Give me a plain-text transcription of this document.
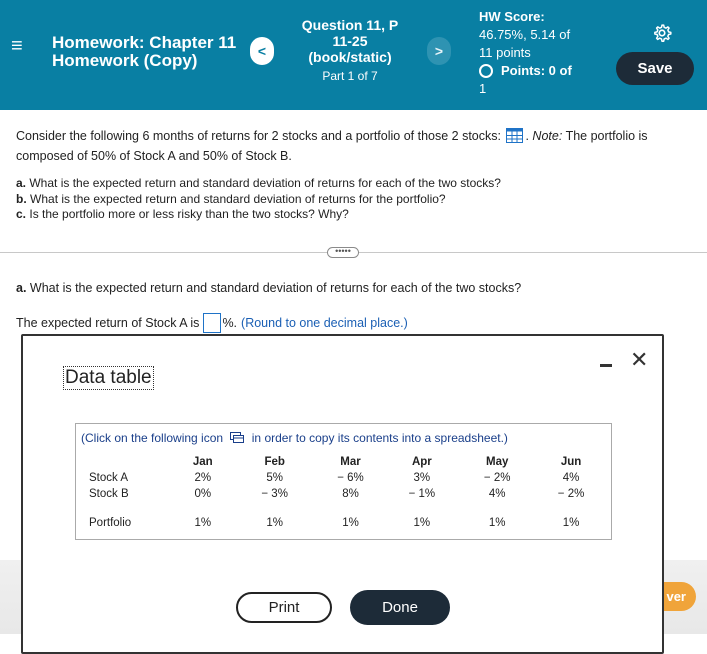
≡ Homework: Chapter 11 Homework (Copy)	<
Question 11, P
11-25
(book/static)
Part 1 of 7
>
HW Score:
46.75%, 5.14 of
11 points
Points: 0 of
1
Save
Consider the following 6 months of returns for 2 stocks and a portfolio of those 2 stocks: . Note: The portfolio is composed of 50% of Stock A and 50% of Stock B.
a. What is the expected return and standard deviation of returns for each of the two stocks?
b. What is the expected return and standard deviation of returns for the portfolio?
c. Is the portfolio more or less risky than the two stocks? Why?
•••••
a. What is the expected return and standard deviation of returns for each of the two stocks?
The expected return of Stock A is %. (Round to one decimal place.)
ver
Data table
✕
(Click on the following icon in order to copy its contents into a spreadsheet.)
	Jan	Feb	Mar	Apr	May	Jun
Stock A	2%	5%	− 6%	3%	− 2%	4%
Stock B	0%	− 3%	8%	− 1%	4%	− 2%

Portfolio	1%	1%	1%	1%	1%	1%
Print	Done
